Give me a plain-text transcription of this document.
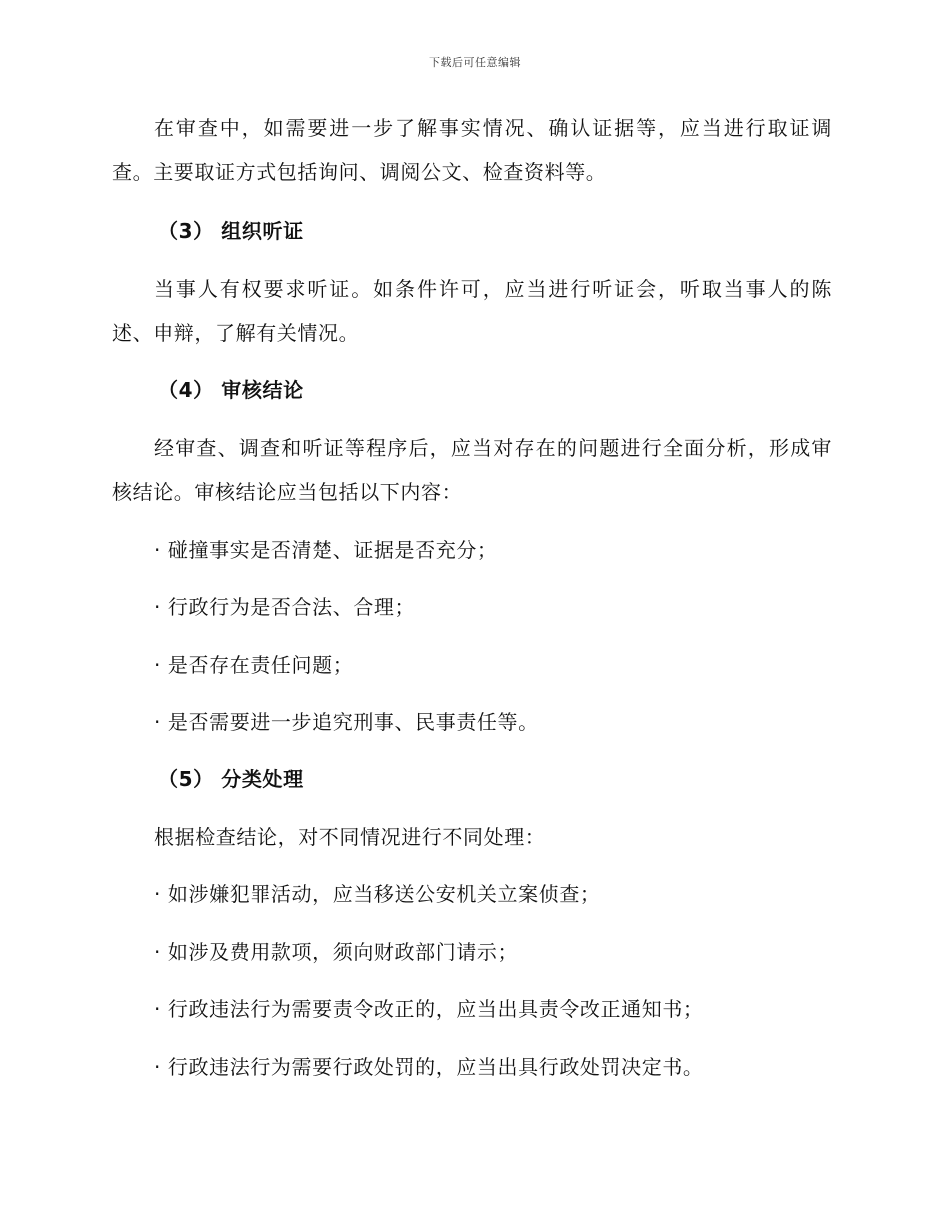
下载后可任意编辑
在审查中，如需要进一步了解事实情况、确认证据等，应当进行取证调查。主要取证方式包括询问、调阅公文、检查资料等。
（3） 组织听证
当事人有权要求听证。如条件许可，应当进行听证会，听取当事人的陈述、申辩，了解有关情况。
（4） 审核结论
经审查、调查和听证等程序后，应当对存在的问题进行全面分析，形成审核结论。审核结论应当包括以下内容：
· 碰撞事实是否清楚、证据是否充分；
· 行政行为是否合法、合理；
· 是否存在责任问题；
· 是否需要进一步追究刑事、民事责任等。
（5） 分类处理
根据检查结论，对不同情况进行不同处理：
· 如涉嫌犯罪活动，应当移送公安机关立案侦查；
· 如涉及费用款项，须向财政部门请示；
· 行政违法行为需要责令改正的，应当出具责令改正通知书；
· 行政违法行为需要行政处罚的，应当出具行政处罚决定书。
